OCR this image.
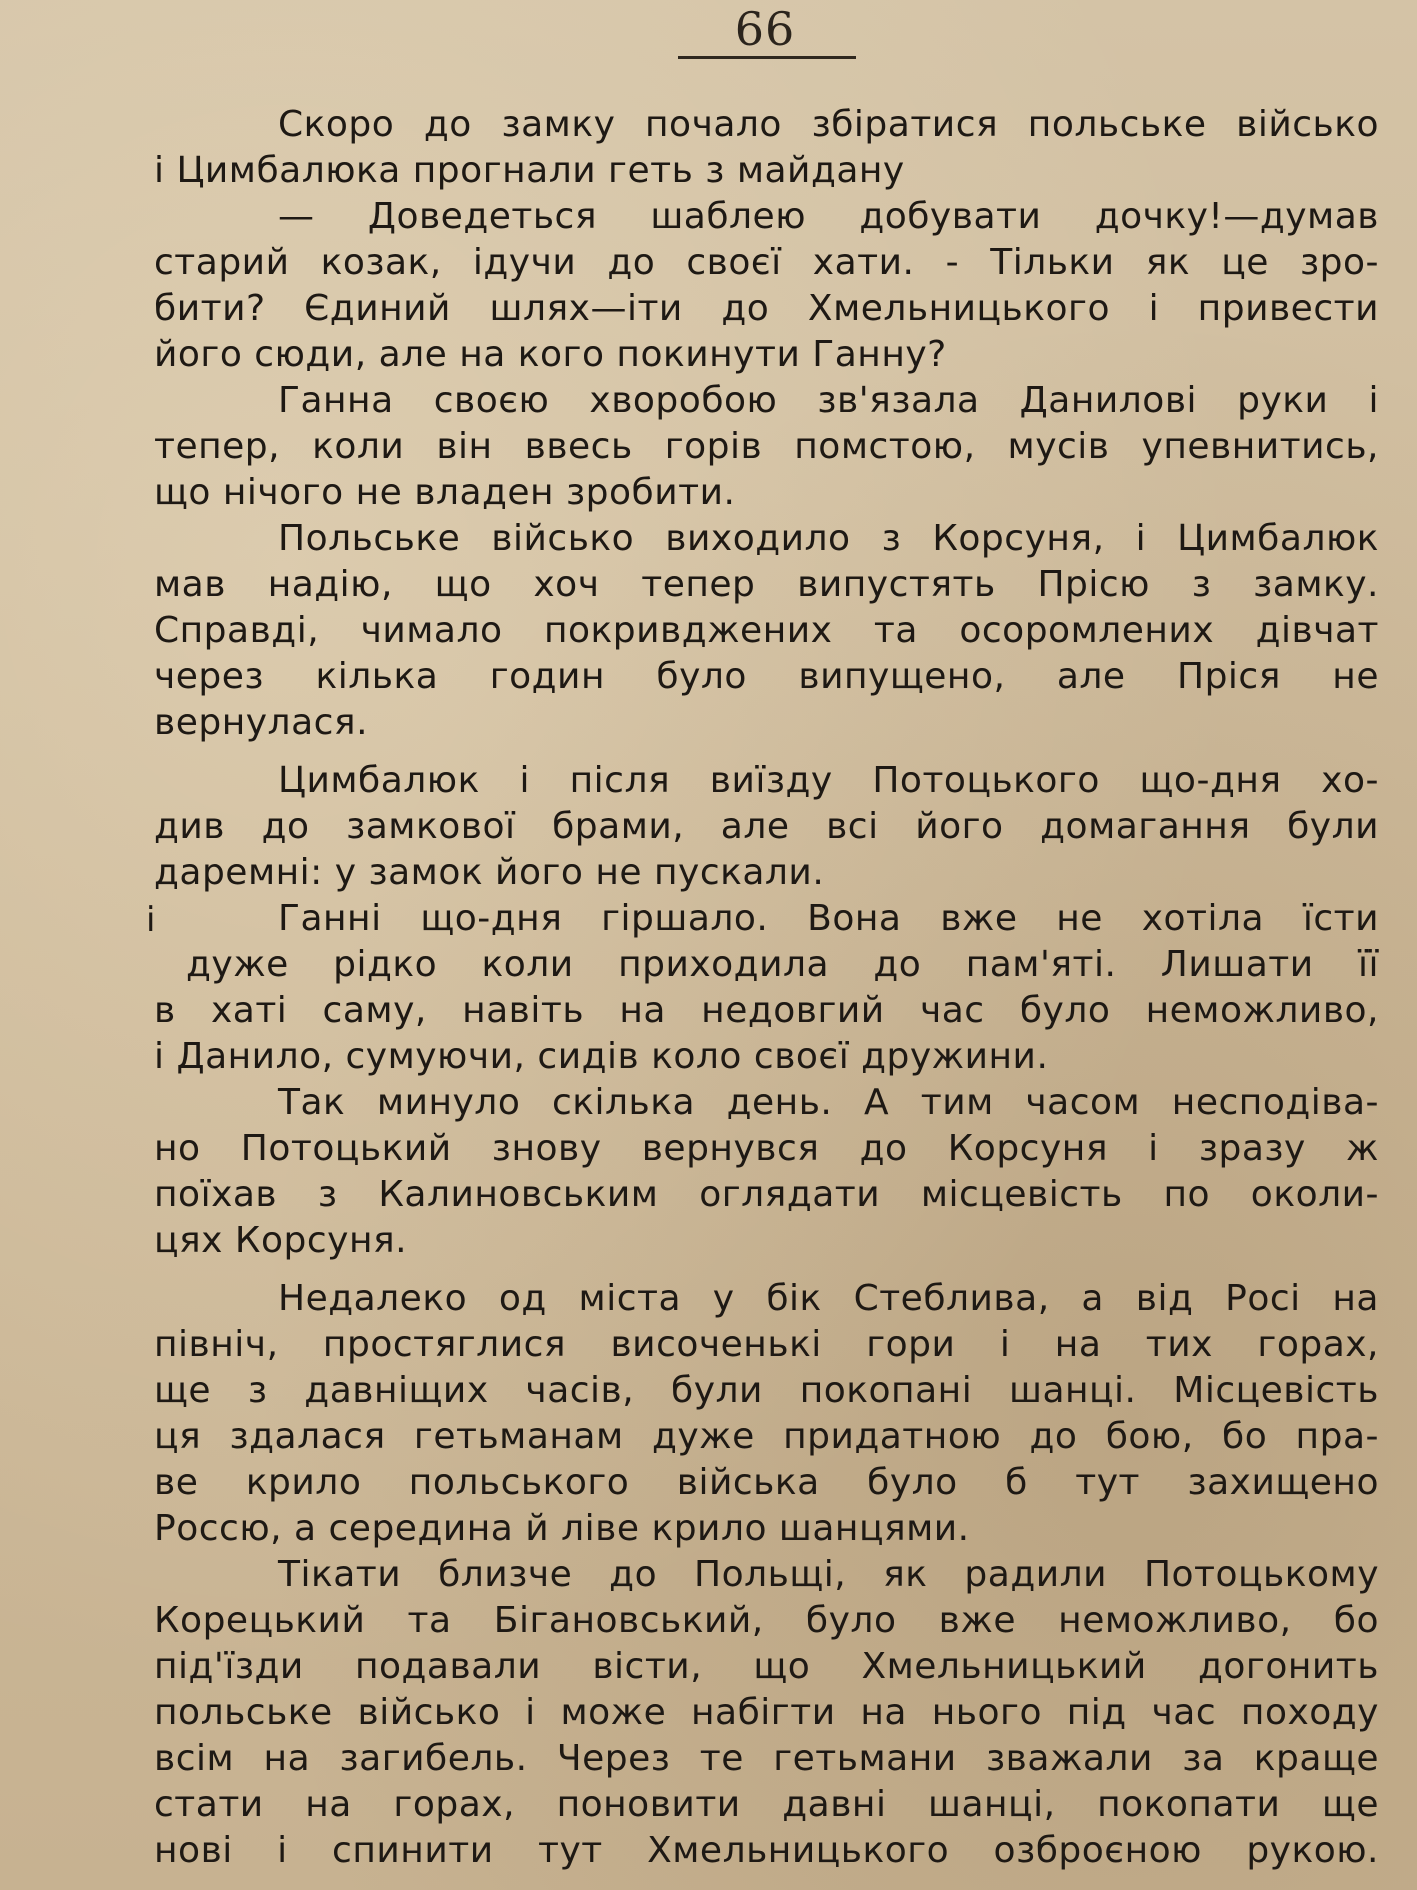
66
Скоро до замку почало збіратися польське військо
і Цимбалюка прогнали геть з майдану
— Доведеться шаблею добувати дочку!—думав
старий козак, ідучи до своєї хати. - Тільки як це зро-
бити? Єдиний шлях—іти до Хмельницького і привести
його сюди, але на кого покинути Ганну?
Ганна своєю хворобою зв'язала Данилові руки і
тепер, коли він ввесь горів помстою, мусів упевнитись,
що нічого не владен зробити.
Польське військо виходило з Корсуня, і Цимбалюк
мав надію, що хоч тепер випустять Прісю з замку.
Справді, чимало покривджених та осоромлених дівчат
через кілька годин було випущено, але Пріся не
вернулася.
Цимбалюк і після виїзду Потоцького що-дня хо-
див до замкової брами, але всі його домагання були
даремні: у замок його не пускали.
Ганні що-дня гіршало. Вона вже не хотіла їсти
дуже рідко коли приходила до пам'яті. Лишати її
в хаті саму, навіть на недовгий час було неможливо,
і Данило, сумуючи, сидів коло своєї дружини.
Так минуло скілька день. А тим часом несподіва-
но Потоцький знову вернувся до Корсуня і зразу ж
поїхав з Калиновським оглядати місцевість по околи-
цях Корсуня.
Недалеко од міста у бік Стеблива, а від Росі на
північ, простяглися височенькі гори і на тих горах,
ще з давніщих часів, були покопані шанці. Місцевість
ця здалася гетьманам дуже придатною до бою, бо пра-
ве крило польського війська було б тут захищено
Россю, а середина й ліве крило шанцями.
Тікати близче до Польщі, як радили Потоцькому
Корецький та Бігановський, було вже неможливо, бо
під'їзди подавали вісти, що Хмельницький догонить
польське військо і може набігти на нього під час походу
всім на загибель. Через те гетьмани зважали за краще
стати на горах, поновити давні шанці, покопати ще
нові і спинити тут Хмельницького озброєною рукою.
і
